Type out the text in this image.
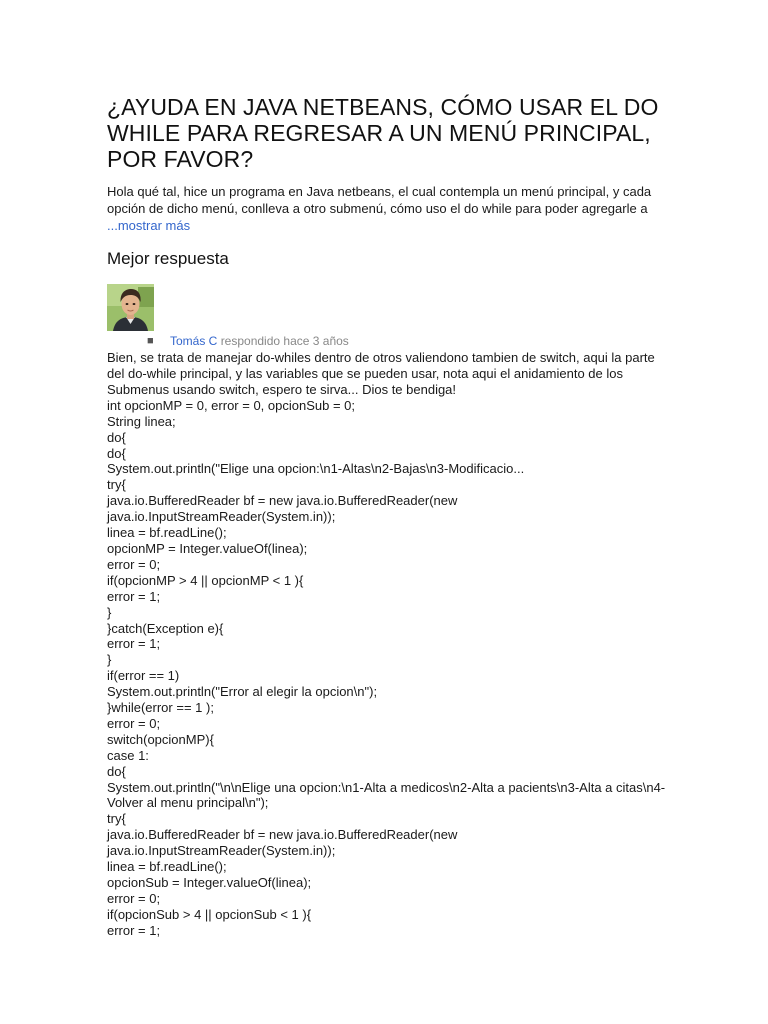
¿AYUDA EN JAVA NETBEANS, CÓMO USAR EL DO WHILE PARA REGRESAR A UN MENÚ PRINCIPAL, POR FAVOR?
Hola qué tal, hice un programa en Java netbeans, el cual contempla un menú principal, y cada opción de dicho menú, conlleva a otro submenú, cómo uso el do while para poder agregarle a ...mostrar más
Mejor respuesta
■ Tomás C respondido hace 3 años
Bien, se trata de manejar do-whiles dentro de otros valiendono tambien de switch, aqui la parte del do-while principal, y las variables que se pueden usar, nota aqui el anidamiento de los Submenus usando switch, espero te sirva... Dios te bendiga!
int opcionMP = 0, error = 0, opcionSub = 0;
String linea;
do{
do{
System.out.println("Elige una opcion:\n1-Altas\n2-Bajas\n3-Modificacio...
try{
java.io.BufferedReader bf = new java.io.BufferedReader(new
java.io.InputStreamReader(System.in));
linea = bf.readLine();
opcionMP = Integer.valueOf(linea);
error = 0;
if(opcionMP > 4 || opcionMP < 1 ){
error = 1;
}
}catch(Exception e){
error = 1;
}
if(error == 1)
System.out.println("Error al elegir la opcion\n");
}while(error == 1 );
error = 0;
switch(opcionMP){
case 1:
do{
System.out.println("\n\nElige una opcion:\n1-Alta a medicos\n2-Alta a pacients\n3-Alta a citas\n4-Volver al menu principal\n");
try{
java.io.BufferedReader bf = new java.io.BufferedReader(new
java.io.InputStreamReader(System.in));
linea = bf.readLine();
opcionSub = Integer.valueOf(linea);
error = 0;
if(opcionSub > 4 || opcionSub < 1 ){
error = 1;
